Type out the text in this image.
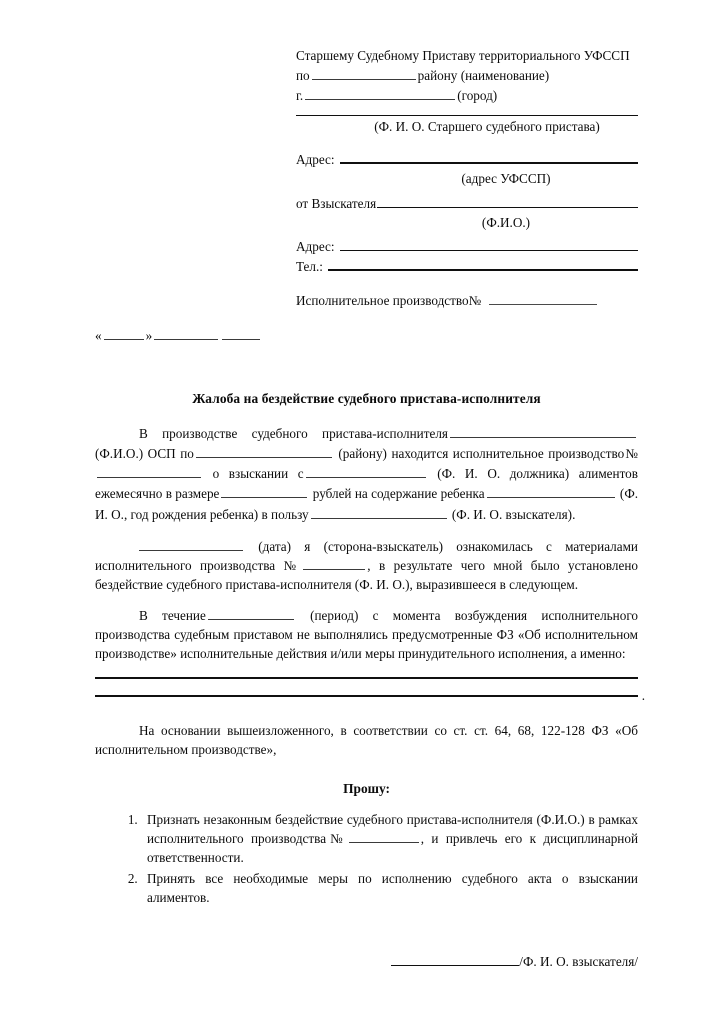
Старшему Судебному Приставу территориального УФССП по	району (наименование)
г.	(город)
(Ф. И. О. Старшего судебного пристава)
Адрес:
(адрес УФССП)
от Взыскателя
(Ф.И.О.)
Адрес:
Тел.:
Исполнительное производство№
«	»
Жалоба на бездействие судебного пристава-исполнителя

В производстве судебного пристава-исполнителя (Ф.И.О.) ОСП по	(району) находится исполнительное производство№ о взыскании с	(Ф. И. О. должника) алиментов ежемесячно в размере	рублей на содержание ребенка	(Ф. И. О., год рождения ребенка) в пользу	(Ф. И. О. взыскателя).

(дата) я (сторона-взыскатель) ознакомилась с материалами исполнительного производства №	, в результате чего мной было установлено бездействие судебного пристава-исполнителя (Ф. И. О.), выразившееся в следующем.

В течение	(период) с момента возбуждения исполнительного производства судебным приставом не выполнялись предусмотренные ФЗ «Об исполнительном производстве» исполнительные действия и/или меры принудительного исполнения, а именно:

.

На основании вышеизложенного, в соответствии со ст. ст. 64, 68, 122-128 ФЗ «Об исполнительном производстве»,

Прошу:
1. Признать незаконным бездействие судебного пристава-исполнителя (Ф.И.О.) в рамках исполнительного производства№	, и привлечь его к дисциплинарной ответственности.
2. Принять все необходимые меры по исполнению судебного акта о взыскании алиментов.
/Ф. И. О. взыскателя/
